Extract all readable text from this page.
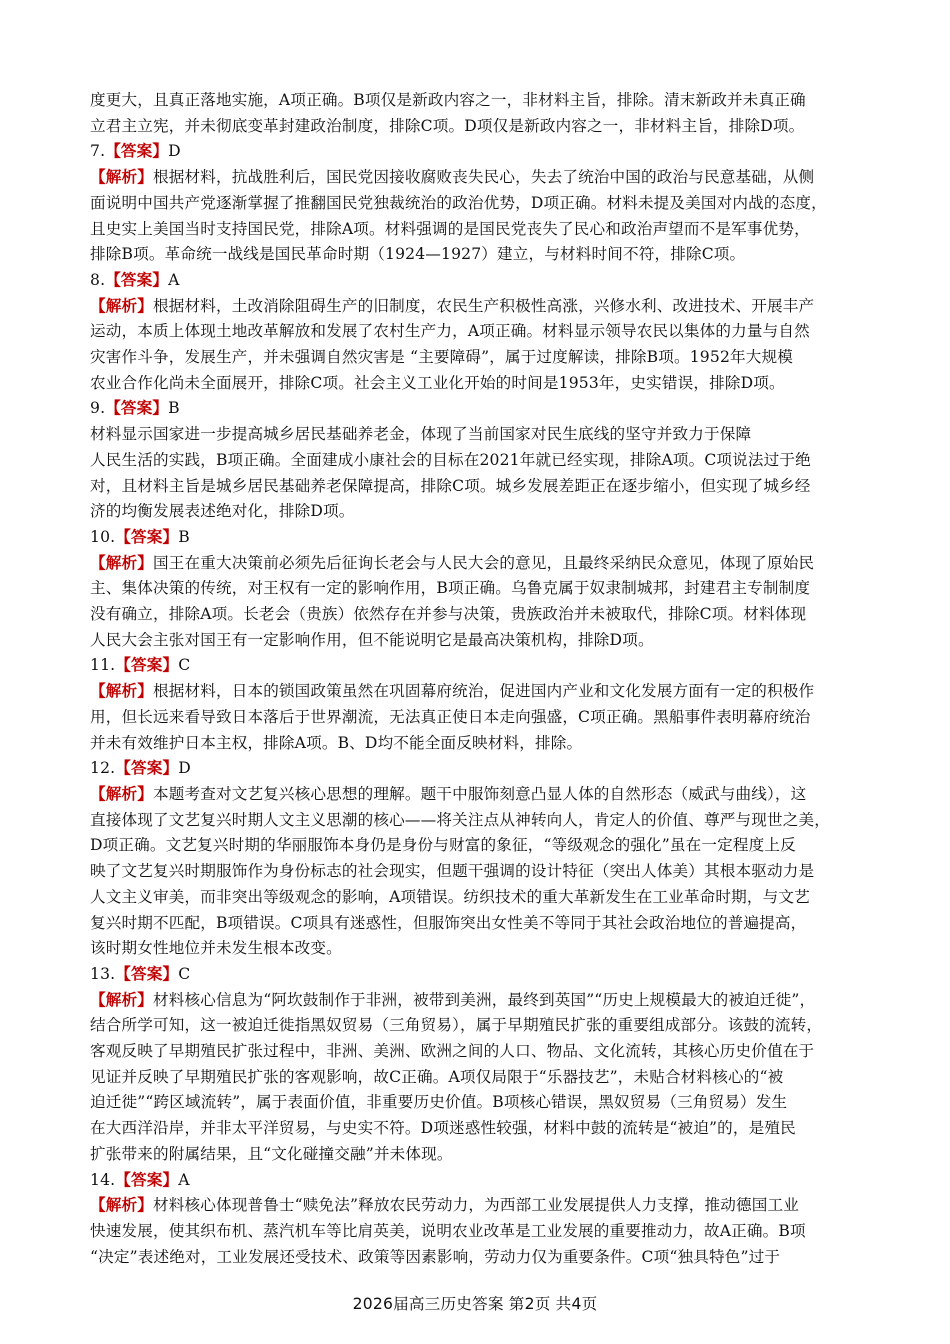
度更大，且真正落地实施，A项正确。B项仅是新政内容之一，非材料主旨，排除。清末新政并未真正确
立君主立宪，并未彻底变革封建政治制度，排除C项。D项仅是新政内容之一，非材料主旨，排除D项。
7.【答案】D
【解析】根据材料，抗战胜利后，国民党因接收腐败丧失民心，失去了统治中国的政治与民意基础，从侧
面说明中国共产党逐渐掌握了推翻国民党独裁统治的政治优势，D项正确。材料未提及美国对内战的态度，
且史实上美国当时支持国民党，排除A项。材料强调的是国民党丧失了民心和政治声望而不是军事优势，
排除B项。革命统一战线是国民革命时期（1924—1927）建立，与材料时间不符，排除C项。
8.【答案】A
【解析】根据材料，土改消除阻碍生产的旧制度，农民生产积极性高涨，兴修水利、改进技术、开展丰产
运动，本质上体现土地改革解放和发展了农村生产力，A项正确。材料显示领导农民以集体的力量与自然
灾害作斗争，发展生产，并未强调自然灾害是 “主要障碍”，属于过度解读，排除B项。1952年大规模
农业合作化尚未全面展开，排除C项。社会主义工业化开始的时间是1953年，史实错误，排除D项。
9.【答案】B
材料显示国家进一步提高城乡居民基础养老金，体现了当前国家对民生底线的坚守并致力于保障
人民生活的实践，B项正确。全面建成小康社会的目标在2021年就已经实现，排除A项。C项说法过于绝
对，且材料主旨是城乡居民基础养老保障提高，排除C项。城乡发展差距正在逐步缩小，但实现了城乡经
济的均衡发展表述绝对化，排除D项。
10.【答案】B
【解析】国王在重大决策前必须先后征询长老会与人民大会的意见，且最终采纳民众意见，体现了原始民
主、集体决策的传统，对王权有一定的影响作用，B项正确。乌鲁克属于奴隶制城邦，封建君主专制制度
没有确立，排除A项。长老会（贵族）依然存在并参与决策，贵族政治并未被取代，排除C项。材料体现
人民大会主张对国王有一定影响作用，但不能说明它是最高决策机构，排除D项。
11.【答案】C
【解析】根据材料，日本的锁国政策虽然在巩固幕府统治，促进国内产业和文化发展方面有一定的积极作
用，但长远来看导致日本落后于世界潮流，无法真正使日本走向强盛，C项正确。黑船事件表明幕府统治
并未有效维护日本主权，排除A项。B、D均不能全面反映材料，排除。
12.【答案】D
【解析】本题考查对文艺复兴核心思想的理解。题干中服饰刻意凸显人体的自然形态（威武与曲线），这
直接体现了文艺复兴时期人文主义思潮的核心——将关注点从神转向人，肯定人的价值、尊严与现世之美，
D项正确。文艺复兴时期的华丽服饰本身仍是身份与财富的象征，“等级观念的强化”虽在一定程度上反
映了文艺复兴时期服饰作为身份标志的社会现实，但题干强调的设计特征（突出人体美）其根本驱动力是
人文主义审美，而非突出等级观念的影响，A项错误。纺织技术的重大革新发生在工业革命时期，与文艺
复兴时期不匹配，B项错误。C项具有迷惑性，但服饰突出女性美不等同于其社会政治地位的普遍提高，
该时期女性地位并未发生根本改变。
13.【答案】C
【解析】材料核心信息为“阿坎鼓制作于非洲，被带到美洲，最终到英国”“历史上规模最大的被迫迁徙”，
结合所学可知，这一被迫迁徙指黑奴贸易（三角贸易），属于早期殖民扩张的重要组成部分。该鼓的流转，
客观反映了早期殖民扩张过程中，非洲、美洲、欧洲之间的人口、物品、文化流转，其核心历史价值在于
见证并反映了早期殖民扩张的客观影响，故C正确。A项仅局限于“乐器技艺”，未贴合材料核心的“被
迫迁徙”“跨区域流转”，属于表面价值，非重要历史价值。B项核心错误，黑奴贸易（三角贸易）发生
在大西洋沿岸，并非太平洋贸易，与史实不符。D项迷惑性较强，材料中鼓的流转是“被迫”的，是殖民
扩张带来的附属结果，且“文化碰撞交融”并未体现。
14.【答案】A
【解析】材料核心体现普鲁士“赎免法”释放农民劳动力，为西部工业发展提供人力支撑，推动德国工业
快速发展，使其织布机、蒸汽机车等比肩英美，说明农业改革是工业发展的重要推动力，故A正确。B项
“决定”表述绝对，工业发展还受技术、政策等因素影响，劳动力仅为重要条件。C项“独具特色”过于
2026届高三历史答案 第2页 共4页
